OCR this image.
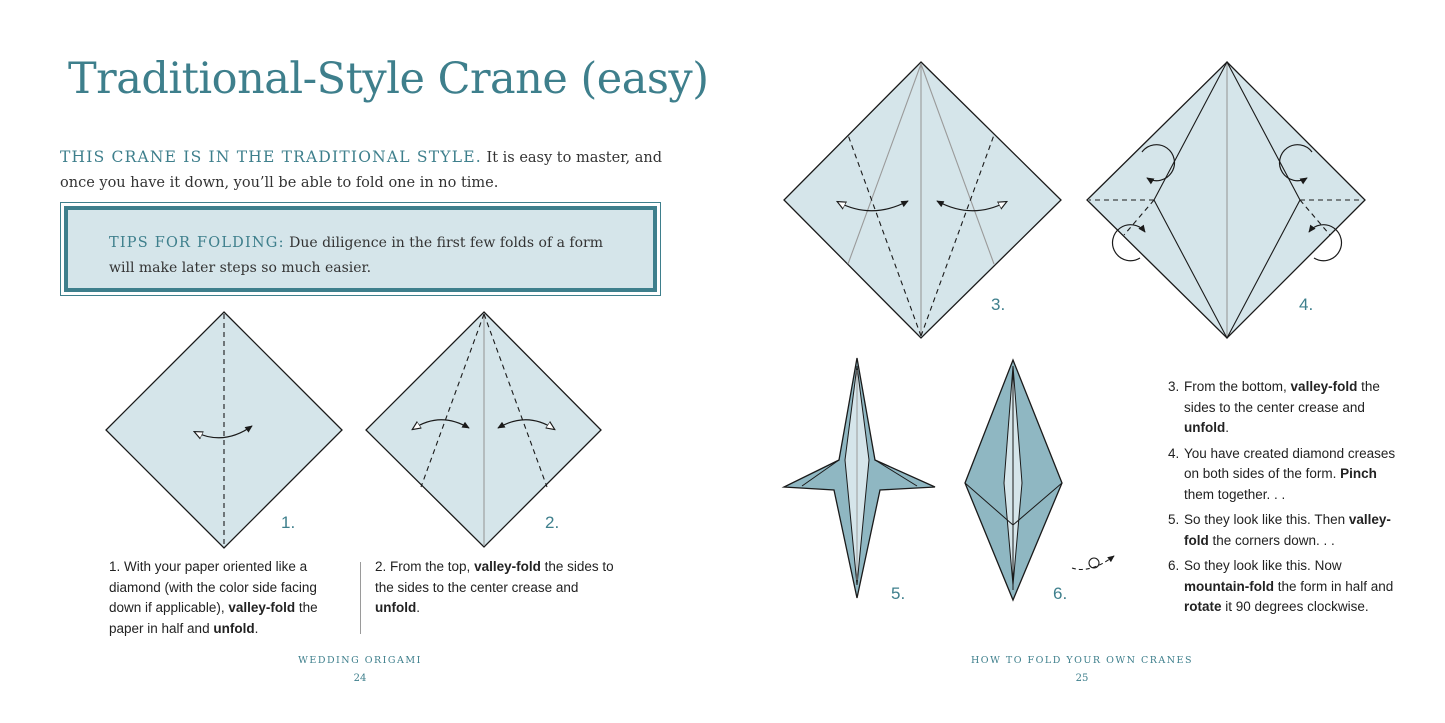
Traditional-Style Crane (easy)

THIS CRANE IS IN THE TRADITIONAL STYLE. It is easy to master, and once you have it down, you’ll be able to fold one in no time.

TIPS FOR FOLDING: Due diligence in the first few folds of a form will make later steps so much easier.
1.	2.

1. With your paper oriented like a diamond (with the color side facing down if applicable), valley-fold the paper in half and unfold.

2. From the top, valley-fold the sides to the sides to the center crease and unfold.

WEDDING ORIGAMI
24
3.	4.
5.	6.
3. From the bottom, valley-fold the sides to the center crease and unfold.
4. You have created diamond creases on both sides of the form. Pinch them together. . .
5. So they look like this. Then valley-fold the corners down. . .
6. So they look like this. Now mountain-fold the form in half and rotate it 90 degrees clockwise.
HOW TO FOLD YOUR OWN CRANES
25
